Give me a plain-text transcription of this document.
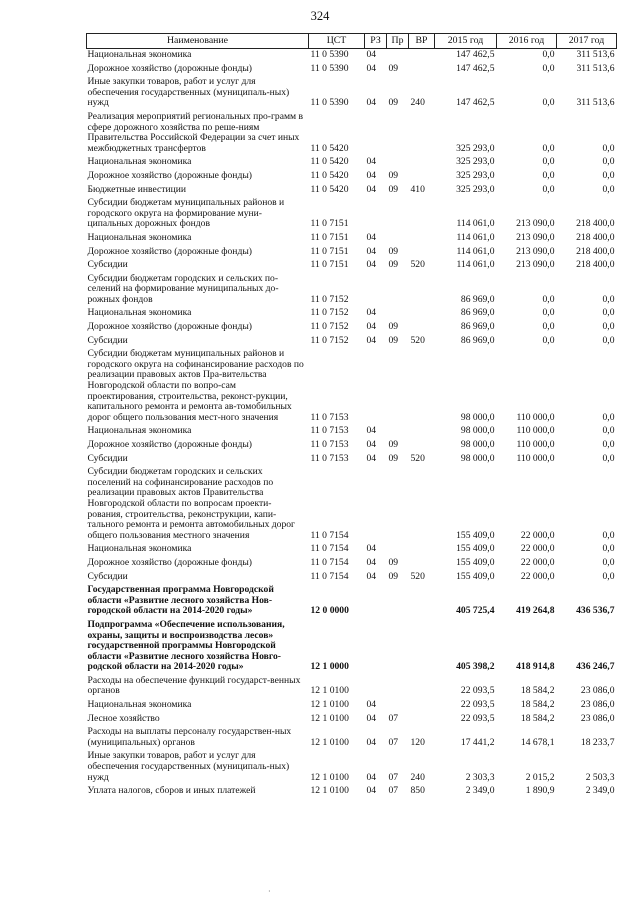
324
Наименование	ЦСТ	РЗ	Пр	ВР	2015 год	2016 год	2017 год
Национальная экономика	11 0 5390	04			147 462,5	0,0	311 513,6
Дорожное хозяйство (дорожные фонды)	11 0 5390	04	09		147 462,5	0,0	311 513,6
Иные закупки товаров, работ и услуг для обеспечения государственных (муниципаль-ных) нужд	11 0 5390	04	09	240	147 462,5	0,0	311 513,6
Реализация мероприятий региональных про-грамм в сфере дорожного хозяйства по реше-ниям Правительства Российской Федерации за счет иных межбюджетных трансфертов	11 0 5420				325 293,0	0,0	0,0
Национальная экономика	11 0 5420	04			325 293,0	0,0	0,0
Дорожное хозяйство (дорожные фонды)	11 0 5420	04	09		325 293,0	0,0	0,0
Бюджетные инвестиции	11 0 5420	04	09	410	325 293,0	0,0	0,0
Субсидии бюджетам муниципальных районов и городского округа на формирование муни-ципальных дорожных фондов	11 0 7151				114 061,0	213 090,0	218 400,0
Национальная экономика	11 0 7151	04			114 061,0	213 090,0	218 400,0
Дорожное хозяйство (дорожные фонды)	11 0 7151	04	09		114 061,0	213 090,0	218 400,0
Субсидии	11 0 7151	04	09	520	114 061,0	213 090,0	218 400,0
Субсидии бюджетам городских и сельских по-селений на формирование муниципальных до-рожных фондов	11 0 7152				86 969,0	0,0	0,0
Национальная экономика	11 0 7152	04			86 969,0	0,0	0,0
Дорожное хозяйство (дорожные фонды)	11 0 7152	04	09		86 969,0	0,0	0,0
Субсидии	11 0 7152	04	09	520	86 969,0	0,0	0,0
Субсидии бюджетам муниципальных районов и городского округа на софинансирование расходов по реализации правовых актов Пра-вительства Новгородской области по вопро-сам проектирования, строительства, реконст-рукции, капитального ремонта и ремонта ав-томобильных дорог общего пользования мест-ного значения	11 0 7153				98 000,0	110 000,0	0,0
Национальная экономика	11 0 7153	04			98 000,0	110 000,0	0,0
Дорожное хозяйство (дорожные фонды)	11 0 7153	04	09		98 000,0	110 000,0	0,0
Субсидии	11 0 7153	04	09	520	98 000,0	110 000,0	0,0
Субсидии бюджетам городских и сельских поселений на софинансирование расходов по реализации правовых актов Правительства Новгородской области по вопросам проекти-рования, строительства, реконструкции, капи-тального ремонта и ремонта автомобильных дорог общего пользования местного значения	11 0 7154				155 409,0	22 000,0	0,0
Национальная экономика	11 0 7154	04			155 409,0	22 000,0	0,0
Дорожное хозяйство (дорожные фонды)	11 0 7154	04	09		155 409,0	22 000,0	0,0
Субсидии	11 0 7154	04	09	520	155 409,0	22 000,0	0,0
Государственная программа Новгородской области «Развитие лесного хозяйства Нов-городской области на 2014-2020 годы»	12 0 0000				405 725,4	419 264,8	436 536,7
Подпрограмма «Обеспечение использования, охраны, защиты и воспроизводства лесов» государственной программы Новгородской области «Развитие лесного хозяйства Новго-родской области на 2014-2020 годы»	12 1 0000				405 398,2	418 914,8	436 246,7
Расходы на обеспечение функций государст-венных органов	12 1 0100				22 093,5	18 584,2	23 086,0
Национальная экономика	12 1 0100	04			22 093,5	18 584,2	23 086,0
Лесное хозяйство	12 1 0100	04	07		22 093,5	18 584,2	23 086,0
Расходы на выплаты персоналу государствен-ных (муниципальных) органов	12 1 0100	04	07	120	17 441,2	14 678,1	18 233,7
Иные закупки товаров, работ и услуг для обеспечения государственных (муниципаль-ных) нужд	12 1 0100	04	07	240	2 303,3	2 015,2	2 503,3
Уплата налогов, сборов и иных платежей	12 1 0100	04	07	850	2 349,0	1 890,9	2 349,0
·
